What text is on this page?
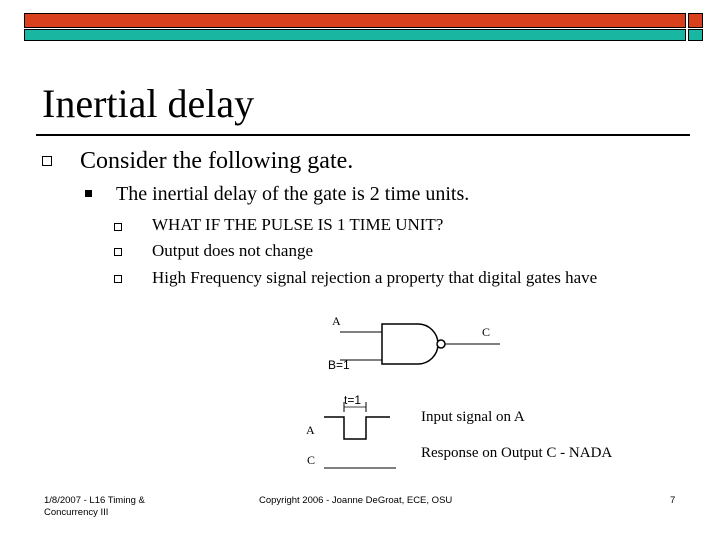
Inertial delay
Consider the following gate.
The inertial delay of the gate is 2 time units.
WHAT IF THE PULSE IS 1 TIME UNIT?
Output does not change
High Frequency signal rejection a property that digital gates have
A
B=1
C
t=1
A
C
Input signal on A
Response on Output C - NADA
1/8/2007 - L16 Timing & Concurrency III
Copyright 2006 - Joanne DeGroat, ECE, OSU	7
